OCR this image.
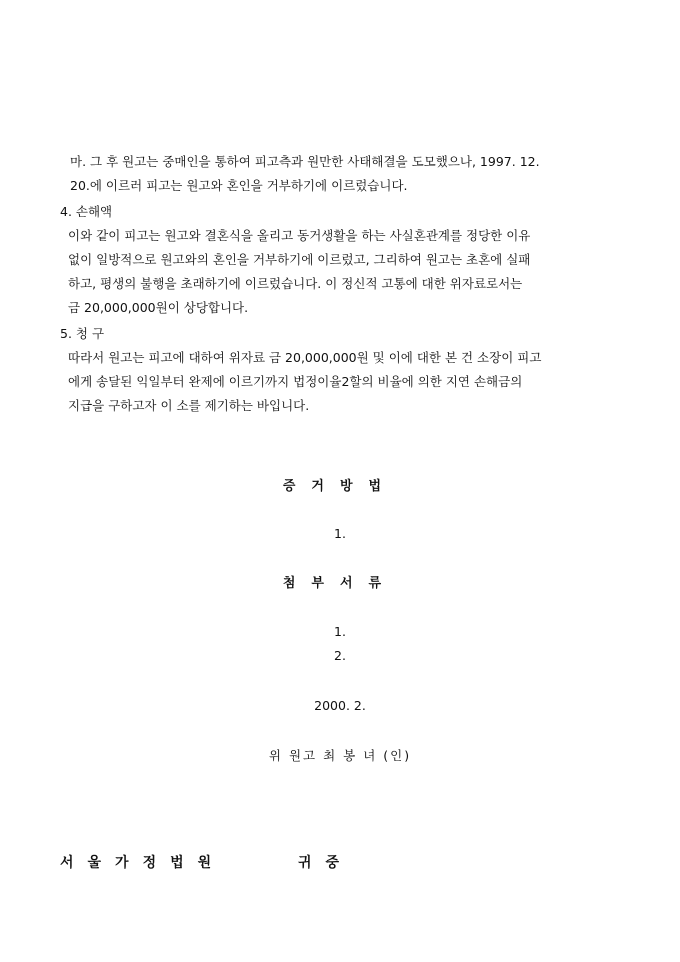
마. 그 후 원고는 중매인을 통하여 피고측과 원만한 사태해결을 도모했으나, 1997. 12.
20.에 이르러 피고는 원고와 혼인을 거부하기에 이르렀습니다.
4. 손해액
이와 같이 피고는 원고와 결혼식을 올리고 동거생활을 하는 사실혼관계를 정당한 이유
없이 일방적으로 원고와의 혼인을 거부하기에 이르렀고, 그리하여 원고는 초혼에 실패
하고, 평생의 불행을 초래하기에 이르렀습니다. 이 정신적 고통에 대한 위자료로서는
금 20,000,000원이 상당합니다.
5. 청 구
따라서 원고는 피고에 대하여 위자료 금 20,000,000원 및 이에 대한 본 건 소장이 피고
에게 송달된 익일부터 완제에 이르기까지 법정이율2할의 비율에 의한 지연 손해금의
지급을 구하고자 이 소를 제기하는 바입니다.
증거방법
1.
첨부서류
1.
2.
2000. 2.
위 원고 최 봉 녀 (인)
서울가정법원	귀중
